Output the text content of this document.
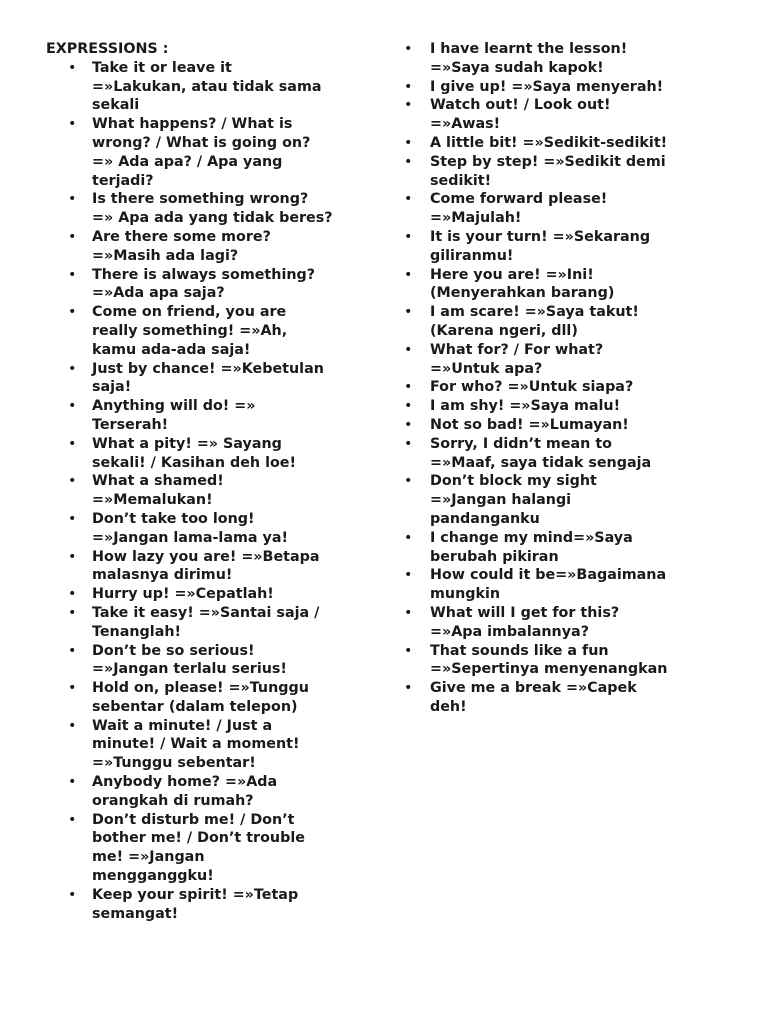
EXPRESSIONS :
• Take it or leave it
=»Lakukan, atau tidak sama
sekali
• What happens? / What is
wrong? / What is going on?
=» Ada apa? / Apa yang
terjadi?
• Is there something wrong?
=» Apa ada yang tidak beres?
• Are there some more?
=»Masih ada lagi?
• There is always something?
=»Ada apa saja?
• Come on friend, you are
really something! =»Ah,
kamu ada-ada saja!
• Just by chance! =»Kebetulan
saja!
• Anything will do! =»
Terserah!
• What a pity! =» Sayang
sekali! / Kasihan deh loe!
• What a shamed!
=»Memalukan!
• Don’t take too long!
=»Jangan lama-lama ya!
• How lazy you are! =»Betapa
malasnya dirimu!
• Hurry up! =»Cepatlah!
• Take it easy! =»Santai saja /
Tenanglah!
• Don’t be so serious!
=»Jangan terlalu serius!
• Hold on, please! =»Tunggu
sebentar (dalam telepon)
• Wait a minute! / Just a
minute! / Wait a moment!
=»Tunggu sebentar!
• Anybody home? =»Ada
orangkah di rumah?
• Don’t disturb me! / Don’t
bother me! / Don’t trouble
me! =»Jangan
mengganggku!
• Keep your spirit! =»Tetap
semangat!
• I have learnt the lesson!
=»Saya sudah kapok!
• I give up! =»Saya menyerah!
• Watch out! / Look out!
=»Awas!
• A little bit! =»Sedikit-sedikit!
• Step by step! =»Sedikit demi
sedikit!
• Come forward please!
=»Majulah!
• It is your turn! =»Sekarang
giliranmu!
• Here you are! =»Ini!
(Menyerahkan barang)
• I am scare! =»Saya takut!
(Karena ngeri, dll)
• What for? / For what?
=»Untuk apa?
• For who? =»Untuk siapa?
• I am shy! =»Saya malu!
• Not so bad! =»Lumayan!
• Sorry, I didn’t mean to
=»Maaf, saya tidak sengaja
• Don’t block my sight
=»Jangan halangi
pandanganku
• I change my mind=»Saya
berubah pikiran
• How could it be=»Bagaimana
mungkin
• What will I get for this?
=»Apa imbalannya?
• That sounds like a fun
=»Sepertinya menyenangkan
• Give me a break =»Capek
deh!
